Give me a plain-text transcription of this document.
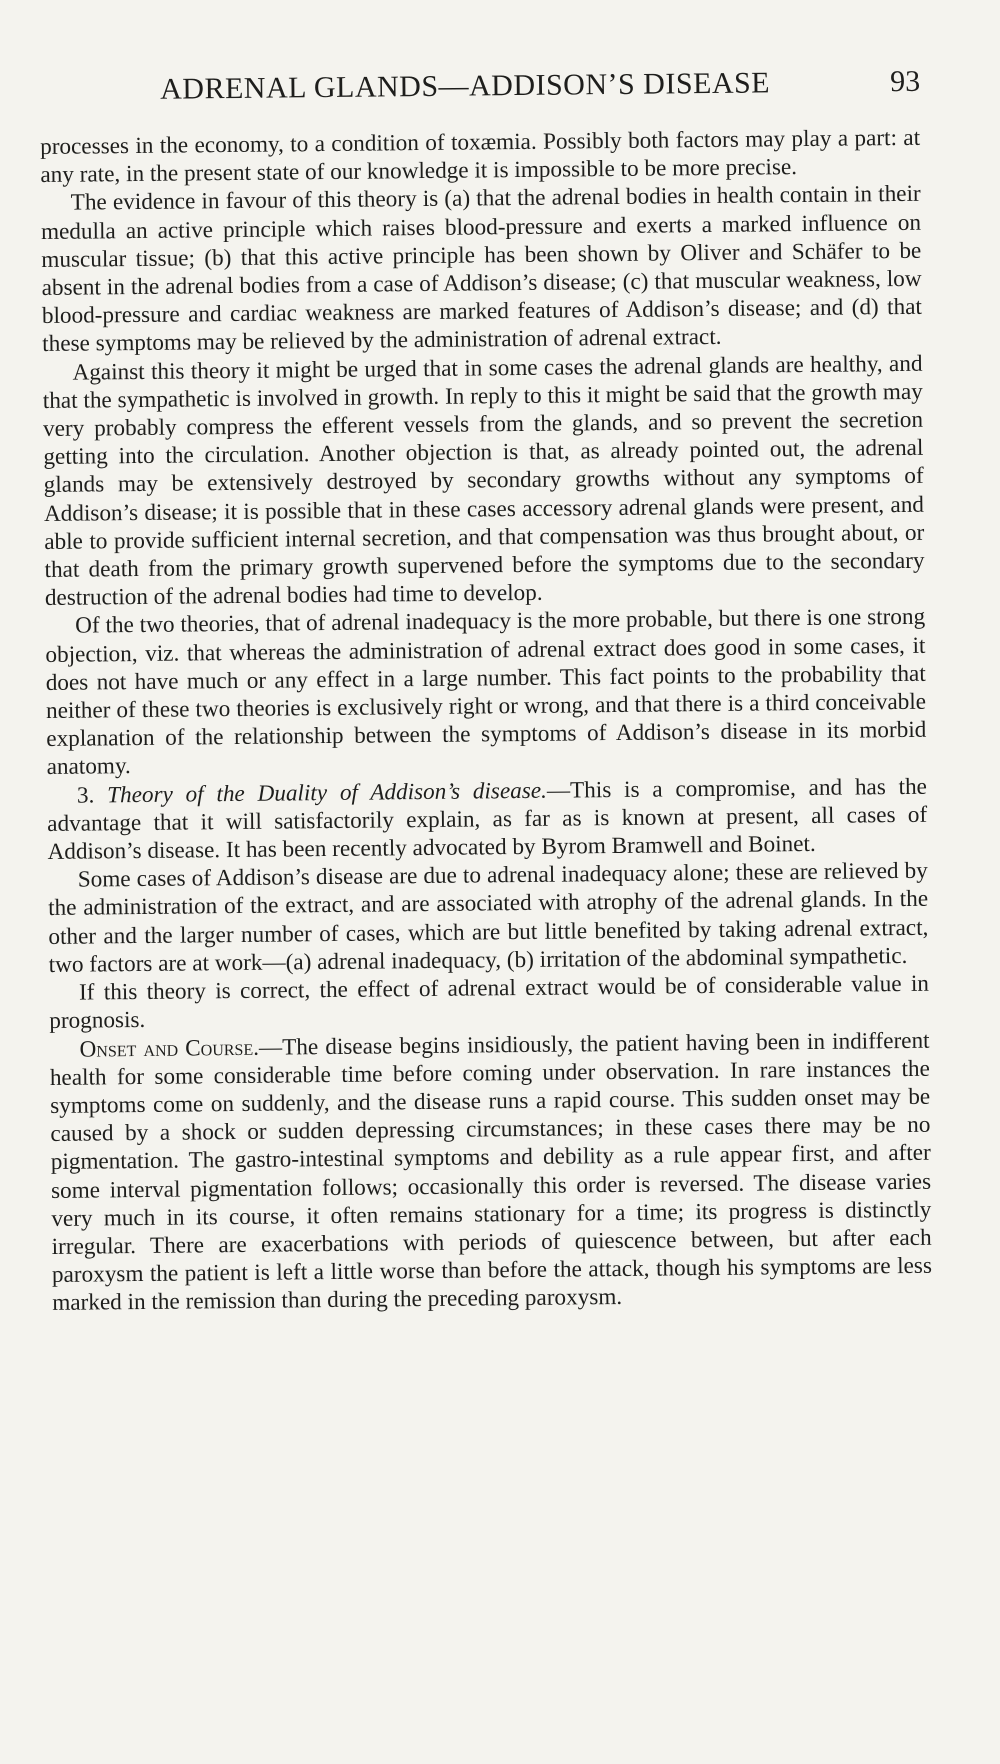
ADRENAL GLANDS—ADDISON’S DISEASE	93

processes in the economy, to a condition of toxæmia. Possibly both factors may play a part: at any rate, in the present state of our knowledge it is impossible to be more precise.

The evidence in favour of this theory is (a) that the adrenal bodies in health contain in their medulla an active principle which raises blood-pressure and exerts a marked influence on muscular tissue; (b) that this active principle has been shown by Oliver and Schäfer to be absent in the adrenal bodies from a case of Addison’s disease; (c) that muscular weakness, low blood-pressure and cardiac weakness are marked features of Addison’s disease; and (d) that these symptoms may be relieved by the administration of adrenal extract.

Against this theory it might be urged that in some cases the adrenal glands are healthy, and that the sympathetic is involved in growth. In reply to this it might be said that the growth may very probably compress the efferent vessels from the glands, and so prevent the secretion getting into the circulation. Another objection is that, as already pointed out, the adrenal glands may be extensively destroyed by secondary growths without any symptoms of Addison’s disease; it is possible that in these cases accessory adrenal glands were present, and able to provide sufficient internal secretion, and that compensation was thus brought about, or that death from the primary growth supervened before the symptoms due to the secondary destruction of the adrenal bodies had time to develop.

Of the two theories, that of adrenal inadequacy is the more probable, but there is one strong objection, viz. that whereas the administration of adrenal extract does good in some cases, it does not have much or any effect in a large number. This fact points to the probability that neither of these two theories is exclusively right or wrong, and that there is a third conceivable explanation of the relationship between the symptoms of Addison’s disease in its morbid anatomy.

3. Theory of the Duality of Addison’s disease.—This is a compromise, and has the advantage that it will satisfactorily explain, as far as is known at present, all cases of Addison’s disease. It has been recently advocated by Byrom Bramwell and Boinet.

Some cases of Addison’s disease are due to adrenal inadequacy alone; these are relieved by the administration of the extract, and are associated with atrophy of the adrenal glands. In the other and the larger number of cases, which are but little benefited by taking adrenal extract, two factors are at work—(a) adrenal inadequacy, (b) irritation of the abdominal sympathetic.

If this theory is correct, the effect of adrenal extract would be of considerable value in prognosis.

Onset and Course.—The disease begins insidiously, the patient having been in indifferent health for some considerable time before coming under observation. In rare instances the symptoms come on suddenly, and the disease runs a rapid course. This sudden onset may be caused by a shock or sudden depressing circumstances; in these cases there may be no pigmentation. The gastro-intestinal symptoms and debility as a rule appear first, and after some interval pigmentation follows; occasionally this order is reversed. The disease varies very much in its course, it often remains stationary for a time; its progress is distinctly irregular. There are exacerbations with periods of quiescence between, but after each paroxysm the patient is left a little worse than before the attack, though his symptoms are less marked in the remission than during the preceding paroxysm.
